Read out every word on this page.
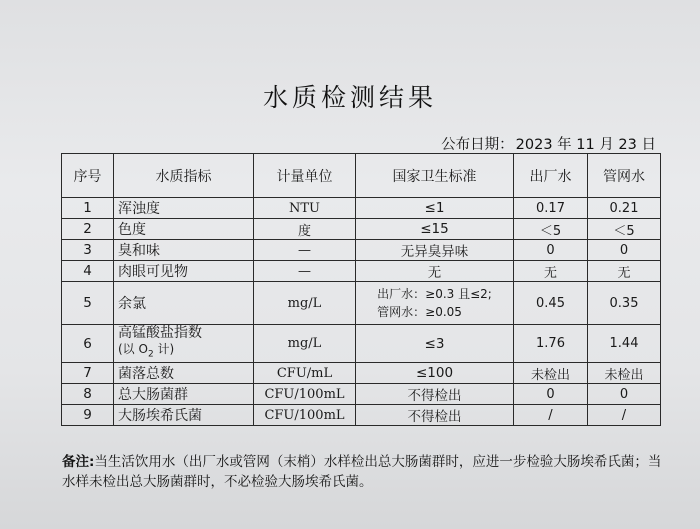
水质检测结果
公布日期： 2023 年 11 月 23 日
序号	水质指标	计量单位	国家卫生标准	出厂水	管网水
1	浑浊度	NTU	≤1	0.17	0.21
2	色度	度	≤15	＜5	＜5
3	臭和味	—	无异臭异味	0	0
4	肉眼可见物	—	无	无	无
5	余氯	mg/L	出厂水：≥0.3 且≤2;
管网水：≥0.05	0.45	0.35
6	高锰酸盐指数
(以 $O_2$ 计)	mg/L	≤3	1.76	1.44
7	菌落总数	CFU/mL	≤100	未检出	未检出
8	总大肠菌群	CFU/100mL	不得检出	0	0
9	大肠埃希氏菌	CFU/100mL	不得检出	/	/
备注:当生活饮用水（出厂水或管网（末梢）水样检出总大肠菌群时，应进一步检验大肠埃希氏菌；当水样未检出总大肠菌群时，不必检验大肠埃希氏菌。
